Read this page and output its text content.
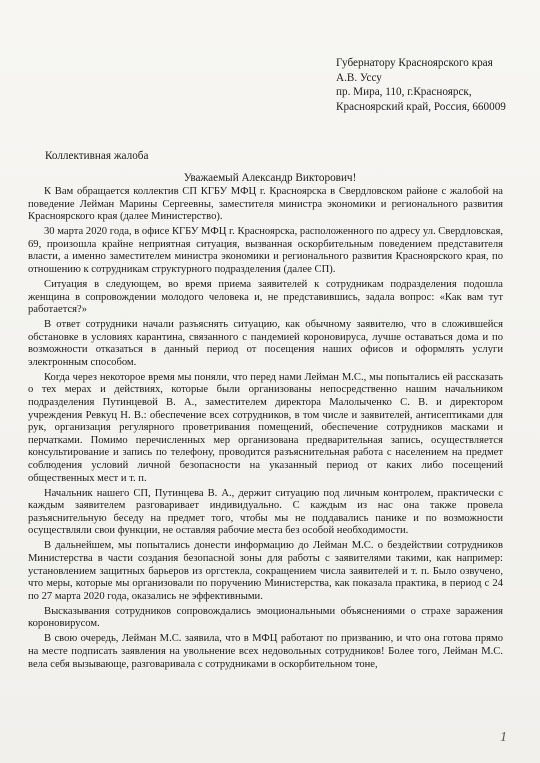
Губернатору Красноярского края
А.В. Уссу
пр. Мира, 110, г.Красноярск,
Красноярский край, Россия, 660009
Коллективная жалоба
Уважаемый Александр Викторович!

К Вам обращается коллектив СП КГБУ МФЦ г. Красноярска в Свердловском районе с жалобой на поведение Лейман Марины Сергеевны, заместителя министра экономики и регионального развития Красноярского края (далее Министерство).

30 марта 2020 года, в офисе КГБУ МФЦ г. Красноярска, расположенного по адресу ул. Свердловская, 69, произошла крайне неприятная ситуация, вызванная оскорбительным поведением представителя власти, а именно заместителем министра экономики и регионального развития Красноярского края, по отношению к сотрудникам структурного подразделения (далее СП).

Ситуация в следующем, во время приема заявителей к сотрудникам подразделения подошла женщина в сопровождении молодого человека и, не представившись, задала вопрос: «Как вам тут работается?»

В ответ сотрудники начали разъяснять ситуацию, как обычному заявителю, что в сложившейся обстановке в условиях карантина, связанного с пандемией короновируса, лучше оставаться дома и по возможности отказаться в данный период от посещения наших офисов и оформлять услуги электронным способом.

Когда через некоторое время мы поняли, что перед нами Лейман М.С., мы попытались ей рассказать о тех мерах и действиях, которые были организованы непосредственно нашим начальником подразделения Путинцевой В. А., заместителем директора Малолыченко С. В. и директором учреждения Ревкуц Н. В.: обеспечение всех сотрудников, в том числе и заявителей, антисептиками для рук, организация регулярного проветривания помещений, обеспечение сотрудников масками и перчатками. Помимо перечисленных мер организована предварительная запись, осуществляется консультирование и запись по телефону, проводится разъяснительная работа с населением на предмет соблюдения условий личной безопасности на указанный период от каких либо посещений общественных мест и т. п.

Начальник нашего СП, Путинцева В. А., держит ситуацию под личным контролем, практически с каждым заявителем разговаривает индивидуально. С каждым из нас она также провела разъяснительную беседу на предмет того, чтобы мы не поддавались панике и по возможности осуществляли свои функции, не оставляя рабочие места без особой необходимости.

В дальнейшем, мы попытались донести информацию до Лейман М.С. о бездействии сотрудников Министерства в части создания безопасной зоны для работы с заявителями такими, как например: установлением защитных барьеров из оргстекла, сокращением числа заявителей и т. п. Было озвучено, что меры, которые мы организовали по поручению Министерства, как показала практика, в период с 24 по 27 марта 2020 года, оказались не эффективными.

Высказывания сотрудников сопровождались эмоциональными объяснениями о страхе заражения короновирусом.

В свою очередь, Лейман М.С. заявила, что в МФЦ работают по призванию, и что она готова прямо на месте подписать заявления на увольнение всех недовольных сотрудников! Более того, Лейман М.С. вела себя вызывающе, разговаривала с сотрудниками в оскорбительном тоне,

1
